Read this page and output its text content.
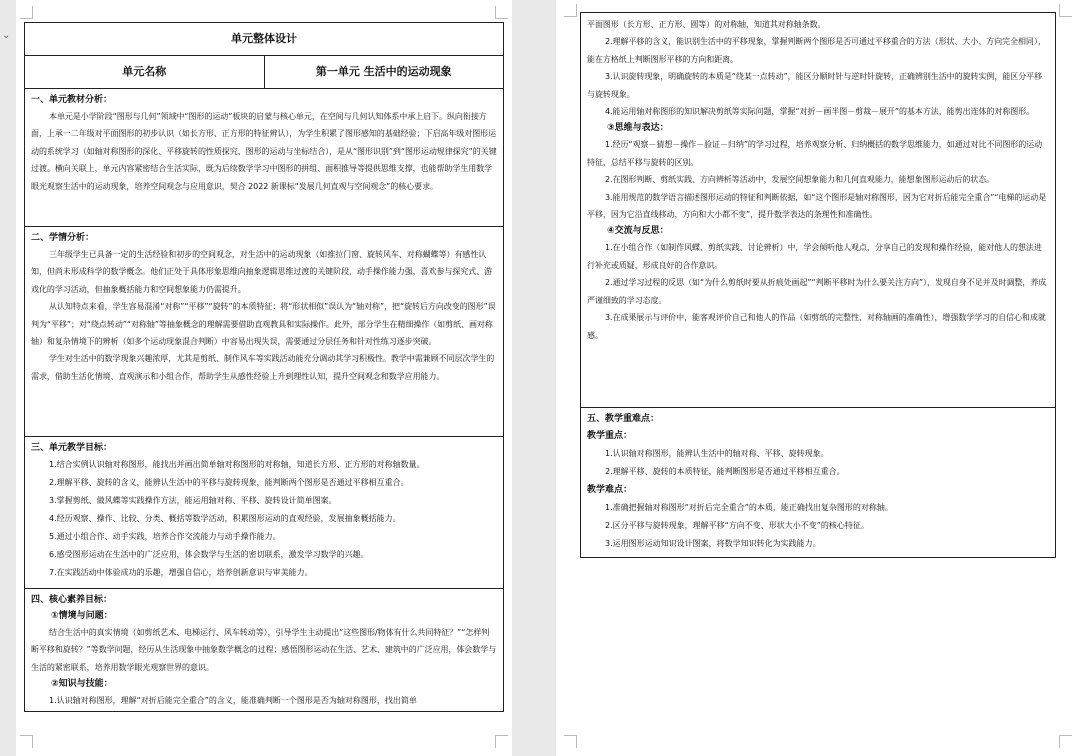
⌄	单元整体设计
单元名称	第一单元 生活中的运动现象
一、单元教材分析：
本单元是小学阶段“图形与几何”领域中“图形的运动”板块的启蒙与核心单元，在空间与几何认知体系中承上启下。纵向衔接方面，上承一二年级对平面图形的初步认识（如长方形、正方形的特征辨认），为学生积累了图形感知的基础经验；下启高年级对图形运动的系统学习（如轴对称图形的深化、平移旋转的性质探究、图形的运动与坐标结合），是从“图形识别”到“图形运动规律探究”的关键过渡。横向关联上，单元内容紧密结合生活实际，既为后续数学学习中图形的拼组、面积推导等提供思维支撑，也能帮助学生用数学眼光观察生活中的运动现象，培养空间观念与应用意识，契合 2022 新课标“发展几何直观与空间观念”的核心要求。
二、学情分析：
三年级学生已具备一定的生活经验和初步的空间观念，对生活中的运动现象（如推拉门窗、旋转风车、对称蝴蝶等）有感性认知，但尚未形成科学的数学概念。他们正处于具体形象思维向抽象逻辑思维过渡的关键阶段，动手操作能力强，喜欢参与探究式、游戏化的学习活动，但抽象概括能力和空间想象能力仍需提升。
从认知特点来看，学生容易混淆“对称”“平移”“旋转”的本质特征：将“形状相似”误认为“轴对称”，把“旋转后方向改变的图形”误判为“平移”；对“绕点转动”“对称轴”等抽象概念的理解需要借助直观教具和实际操作。此外，部分学生在精细操作（如剪纸、画对称轴）和复杂情境下的辨析（如多个运动现象混合判断）中容易出现失误，需要通过分层任务和针对性练习逐步突破。
学生对生活中的数学现象兴趣浓厚，尤其是剪纸、制作风车等实践活动能充分调动其学习积极性。教学中需兼顾不同层次学生的需求，借助生活化情境、直观演示和小组合作，帮助学生从感性经验上升到理性认知，提升空间观念和数学应用能力。
三、单元教学目标：
1.结合实例认识轴对称图形，能找出并画出简单轴对称图形的对称轴，知道长方形、正方形的对称轴数量。
2.理解平移、旋转的含义，能辨认生活中的平移与旋转现象，能判断两个图形是否通过平移相互重合。
3.掌握剪纸、做风蝶等实践操作方法，能运用轴对称、平移、旋转设计简单图案。
4.经历观察、操作、比较、分类、概括等数学活动，积累图形运动的直观经验，发展抽象概括能力。
5.通过小组合作、动手实践，培养合作交流能力与动手操作能力。
6.感受图形运动在生活中的广泛应用，体会数学与生活的密切联系，激发学习数学的兴趣。
7.在实践活动中体验成功的乐趣，增强自信心，培养创新意识与审美能力。
四、核心素养目标：
①情境与问题：
结合生活中的真实情境（如剪纸艺术、电梯运行、风车转动等），引导学生主动提出“这些图形/物体有什么共同特征？”“怎样判断平移和旋转？”等数学问题，经历从生活现象中抽象数学概念的过程；感悟图形运动在生活、艺术、建筑中的广泛应用，体会数学与生活的紧密联系，培养用数学眼光观察世界的意识。
②知识与技能：
1.认识轴对称图形，理解“对折后能完全重合”的含义，能准确判断一个图形是否为轴对称图形，找出简单
平面图形（长方形、正方形、圆等）的对称轴，知道其对称轴条数。
2.理解平移的含义，能识别生活中的平移现象，掌握判断两个图形是否可通过平移重合的方法（形状、大小、方向完全相同），能在方格纸上判断图形平移的方向和距离。
3.认识旋转现象，明确旋转的本质是“绕某一点转动”，能区分顺时针与逆时针旋转，正确辨别生活中的旋转实例，能区分平移与旋转现象。
4.能运用轴对称图形的知识解决剪纸等实际问题，掌握“对折－画半图－剪裁－展开”的基本方法，能剪出连体的对称图形。
③思维与表达：
1.经历“观察－猜想－操作－验证－归纳”的学习过程，培养观察分析、归纳概括的数学思维能力，如通过对比不同图形的运动特征，总结平移与旋转的区别。
2.在图形判断、剪纸实践、方向辨析等活动中，发展空间想象能力和几何直观能力，能想象图形运动后的状态。
3.能用规范的数学语言描述图形运动的特征和判断依据，如“这个图形是轴对称图形，因为它对折后能完全重合”“电梯的运动是平移，因为它沿直线移动，方向和大小都不变”，提升数学表达的条理性和准确性。
④交流与反思：
1.在小组合作（如制作风蝶、剪纸实践、讨论辨析）中，学会倾听他人观点，分享自己的发现和操作经验，能对他人的想法进行补充或质疑，形成良好的合作意识。
2.通过学习过程的反思（如“为什么剪纸时要从折痕处画起”“判断平移时为什么要关注方向”），发现自身不足并及时调整，养成严谨细致的学习态度。
3.在成果展示与评价中，能客观评价自己和他人的作品（如剪纸的完整性、对称轴画的准确性），增强数学学习的自信心和成就感。
五、教学重难点：
教学重点：
1.认识轴对称图形，能辨认生活中的轴对称、平移、旋转现象。
2.理解平移、旋转的本质特征，能判断图形是否通过平移相互重合。
教学难点：
1.准确把握轴对称图形“对折后完全重合”的本质，能正确找出复杂图形的对称轴。
2.区分平移与旋转现象，理解平移“方向不变、形状大小不变”的核心特征。
3.运用图形运动知识设计图案，将数学知识转化为实践能力。
